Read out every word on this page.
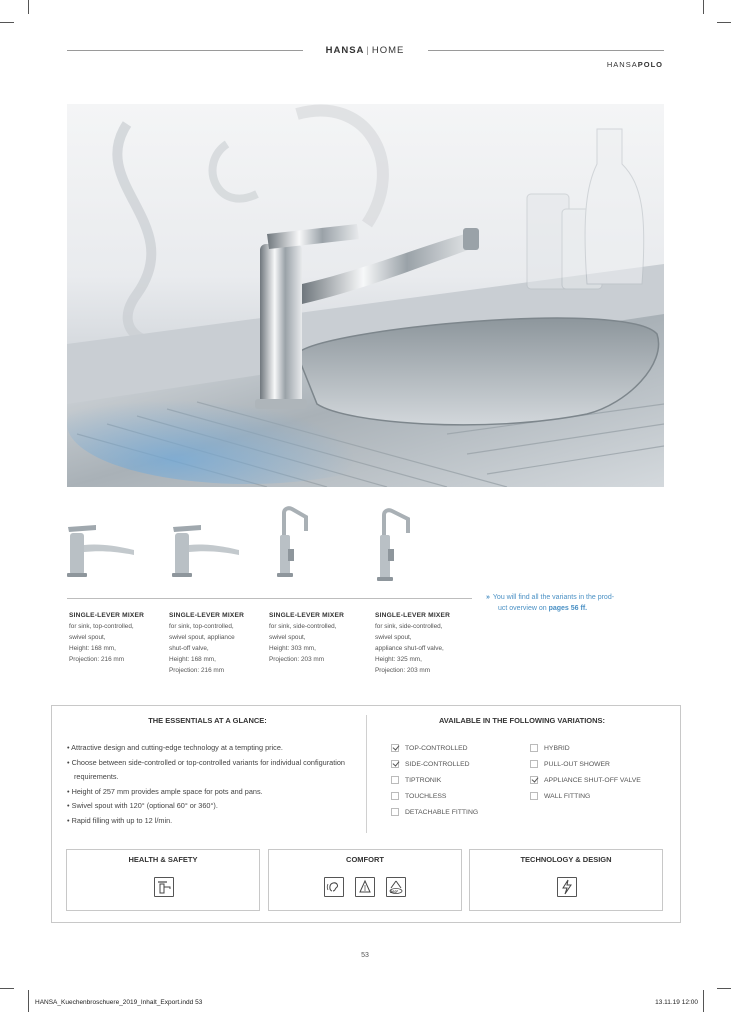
HANSA | HOME
HANSAPOLO
SINGLE-LEVER MIXER
for sink, top-controlled,
swivel spout,
Height: 168 mm,
Projection: 216 mm
SINGLE-LEVER MIXER
for sink, top-controlled,
swivel spout, appliance
shut-off valve,
Height: 168 mm,
Projection: 216 mm
SINGLE-LEVER MIXER
for sink, side-controlled,
swivel spout,
Height: 303 mm,
Projection: 203 mm
SINGLE-LEVER MIXER
for sink, side-controlled,
swivel spout,
appliance shut-off valve,
Height: 325 mm,
Projection: 203 mm
» You will find all the variants in the prod-
uct overview on pages 56 ff.
THE ESSENTIALS AT A GLANCE:	AVAILABLE IN THE FOLLOWING VARIATIONS:
• Attractive design and cutting-edge technology at a tempting price.
• Choose between side-controlled or top-controlled variants for individual configuration requirements.
• Height of 257 mm provides ample space for pots and pans.
• Swivel spout with 120° (optional 60° or 360°).
• Rapid filling with up to 12 l/min.
TOP-CONTROLLED
SIDE-CONTROLLED
TIPTRONIK
TOUCHLESS
DETACHABLE FITTING
HYBRID
PULL-OUT SHOWER
APPLIANCE SHUT-OFF VALVE
WALL FITTING
HEALTH & SAFETY	COMFORT
360°
TECHNOLOGY & DESIGN
53
HANSA_Kuechenbroschuere_2019_Inhalt_Export.indd 53	13.11.19 12:00
